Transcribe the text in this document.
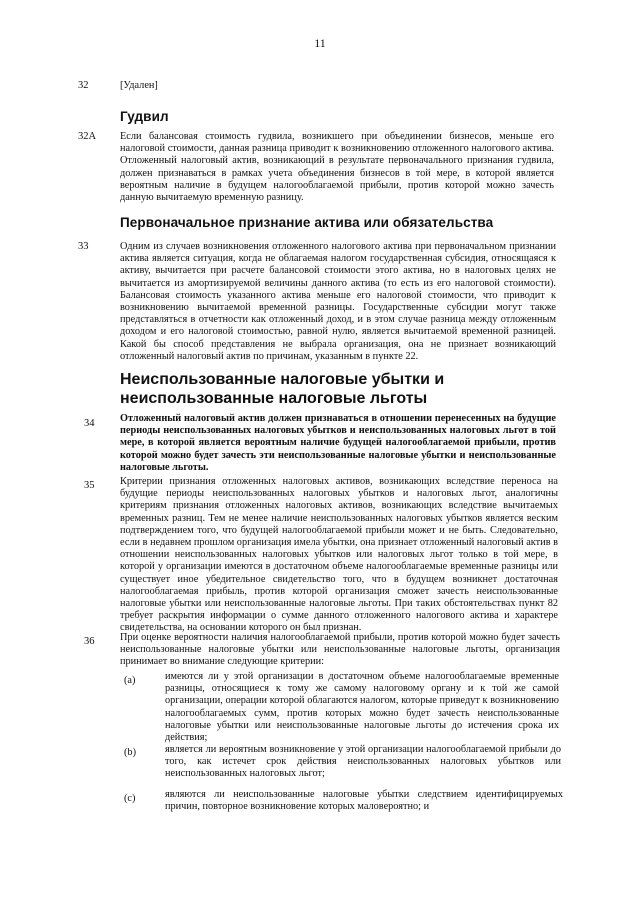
11
32	[Удален]
Гудвил
32A Если балансовая стоимость гудвила, возникшего при объединении бизнесов, меньше его налоговой стоимости, данная разница приводит к возникновению отложенного налогового актива. Отложенный налоговый актив, возникающий в результате первоначального признания гудвила, должен признаваться в рамках учета объединения бизнесов в той мере, в которой является вероятным наличие в будущем налогооблагаемой прибыли, против которой можно зачесть данную вычитаемую временную разницу.

Первоначальное признание актива или обязательства
33	Одним из случаев возникновения отложенного налогового актива при первоначальном признании актива является ситуация, когда не облагаемая налогом государственная субсидия, относящаяся к активу, вычитается при расчете балансовой стоимости этого актива, но в налоговых целях не вычитается из амортизируемой величины данного актива (то есть из его налоговой стоимости). Балансовая стоимость указанного актива меньше его налоговой стоимости, что приводит к возникновению вычитаемой временной разницы. Государственные субсидии могут также представляться в отчетности как отложенный доход, и в этом случае разница между отложенным доходом и его налоговой стоимостью, равной нулю, является вычитаемой временной разницей. Какой бы способ представления не выбрала организация, она не признает возникающий отложенный налоговый актив по причинам, указанным в пункте 22.

Неиспользованные налоговые убытки и неиспользованные налоговые льготы
34 Отложенный налоговый актив должен признаваться в отношении перенесенных на будущие периоды неиспользованных налоговых убытков и неиспользованных налоговых льгот в той мере, в которой является вероятным наличие будущей налогооблагаемой прибыли, против которой можно будет зачесть эти неиспользованные налоговые убытки и неиспользованные налоговые льготы.

35 Критерии признания отложенных налоговых активов, возникающих вследствие переноса на будущие периоды неиспользованных налоговых убытков и налоговых льгот, аналогичны критериям признания отложенных налоговых активов, возникающих вследствие вычитаемых временных разниц. Тем не менее наличие неиспользованных налоговых убытков является веским подтверждением того, что будущей налогооблагаемой прибыли может и не быть. Следовательно, если в недавнем прошлом организация имела убытки, она признает отложенный налоговый актив в отношении неиспользованных налоговых убытков или налоговых льгот только в той мере, в которой у организации имеются в достаточном объеме налогооблагаемые временные разницы или существует иное убедительное свидетельство того, что в будущем возникнет достаточная налогооблагаемая прибыль, против которой организация сможет зачесть неиспользованные налоговые убытки или неиспользованные налоговые льготы. При таких обстоятельствах пункт 82 требует раскрытия информации о сумме данного отложенного налогового актива и характере свидетельства, на основании которого он был признан.

36 При оценке вероятности наличия налогооблагаемой прибыли, против которой можно будет зачесть неиспользованные налоговые убытки или неиспользованные налоговые льготы, организация принимает во внимание следующие критерии:

(a)	имеются ли у этой организации в достаточном объеме налогооблагаемые временные разницы, относящиеся к тому же самому налоговому органу и к той же самой организации, операции которой облагаются налогом, которые приведут к возникновению налогооблагаемых сумм, против которых можно будет зачесть неиспользованные налоговые убытки или неиспользованные налоговые льготы до истечения срока их действия;

(b)	является ли вероятным возникновение у этой организации налогооблагаемой прибыли до того, как истечет срок действия неиспользованных налоговых убытков или неиспользованных налоговых льгот;

(c)	являются ли неиспользованные налоговые убытки следствием идентифицируемых причин, повторное возникновение которых маловероятно; и
